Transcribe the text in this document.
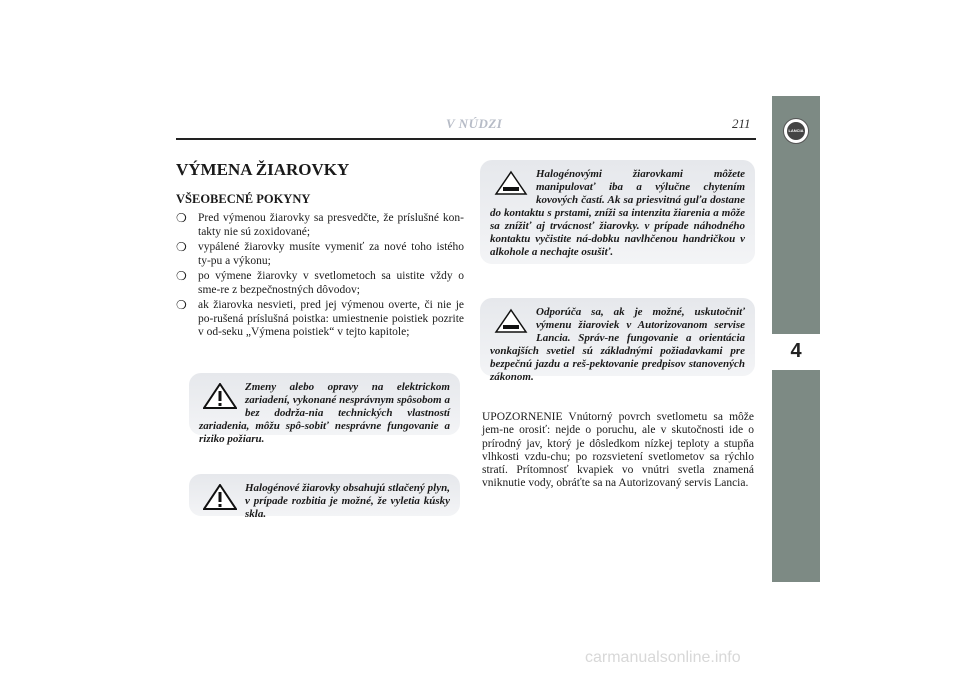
V NÚDZI	211	LANCIA
4
VÝMENA ŽIAROVKY
VŠEOBECNÉ POKYNY
❍ Pred výmenou žiarovky sa presvedčte, že príslušné kon-takty nie sú zoxidované;
❍ vypálené žiarovky musíte vymeniť za nové toho istého ty-pu a výkonu;
❍ po výmene žiarovky v svetlometoch sa uistite vždy o sme-re z bezpečnostných dôvodov;
❍ ak žiarovka nesvieti, pred jej výmenou overte, či nie je po-rušená príslušná poistka: umiestnenie poistiek pozrite v od-seku „Výmena poistiek“ v tejto kapitole;
Zmeny alebo opravy na elektrickom zariadení, vykonané nesprávnym spôsobom a bez dodrža-nia technických vlastností zariadenia, môžu spô-sobiť nesprávne fungovanie a riziko požiaru.
Halogénové žiarovky obsahujú stlačený plyn, v prípade rozbitia je možné, že vyletia kúsky skla.
Halogénovými žiarovkami môžete manipulovať iba a výlučne chytením kovových častí. Ak sa priesvitná guľa dostane do kontaktu s prstami, zníži sa intenzita žiarenia a môže sa znížiť aj trvácnosť žiarovky. v prípade náhodného kontaktu vyčistite ná-dobku navlhčenou handričkou v alkohole a nechajte osušiť.
Odporúča sa, ak je možné, uskutočniť výmenu žiaroviek v Autorizovanom servise Lancia. Správ-ne fungovanie a orientácia vonkajších svetiel sú základnými požiadavkami pre bezpečnú jazdu a reš-pektovanie predpisov stanovených zákonom.

UPOZORNENIE Vnútorný povrch svetlometu sa môže jem-ne orosiť: nejde o poruchu, ale v skutočnosti ide o prírodný jav, ktorý je dôsledkom nízkej teploty a stupňa vlhkosti vzdu-chu; po rozsvietení svetlometov sa rýchlo stratí. Prítomnosť kvapiek vo vnútri svetla znamená vniknutie vody, obráťte sa na Autorizovaný servis Lancia.

carmanualsonline.info
